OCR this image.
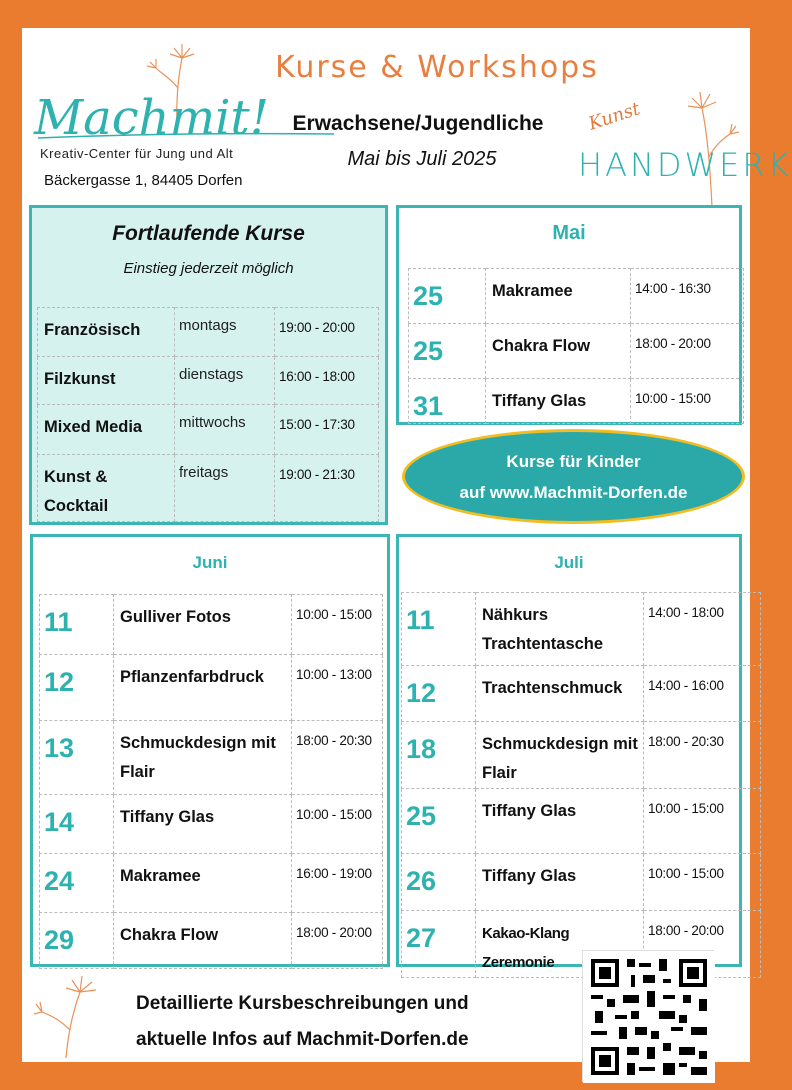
Kurse & Workshops
Erwachsene/Jugendliche
Mai bis Juli 2025
Machmit!
Kreativ-Center für Jung und Alt
Bäckergasse 1, 84405 Dorfen
Kunst
HANDWERK
Fortlaufende Kurse
Einstieg jederzeit möglich
Französisch	montags	19:00 - 20:00
Filzkunst	dienstags	16:00 - 18:00
Mixed Media	mittwochs	15:00 - 17:30
Kunst & Cocktail	freitags	19:00 - 21:30
Mai
25	Makramee	14:00 - 16:30
25	Chakra Flow	18:00 - 20:00
31	Tiffany Glas	10:00 - 15:00
Kurse für Kinder
auf www.Machmit-Dorfen.de
Juni
11	Gulliver Fotos	10:00 - 15:00
12	Pflanzenfarbdruck	10:00 - 13:00
13	Schmuckdesign mit Flair	18:00 - 20:30
14	Tiffany Glas	10:00 - 15:00
24	Makramee	16:00 - 19:00
29	Chakra Flow	18:00 - 20:00
Juli
11	Nähkurs Trachtentasche	14:00 - 18:00
12	Trachtenschmuck	14:00 - 16:00
18	Schmuckdesign mit Flair	18:00 - 20:30
25	Tiffany Glas	10:00 - 15:00
26	Tiffany Glas	10:00 - 15:00
27	Kakao-Klang Zeremonie	18:00 - 20:00
Detaillierte Kursbeschreibungen und
aktuelle Infos auf Machmit-Dorfen.de
